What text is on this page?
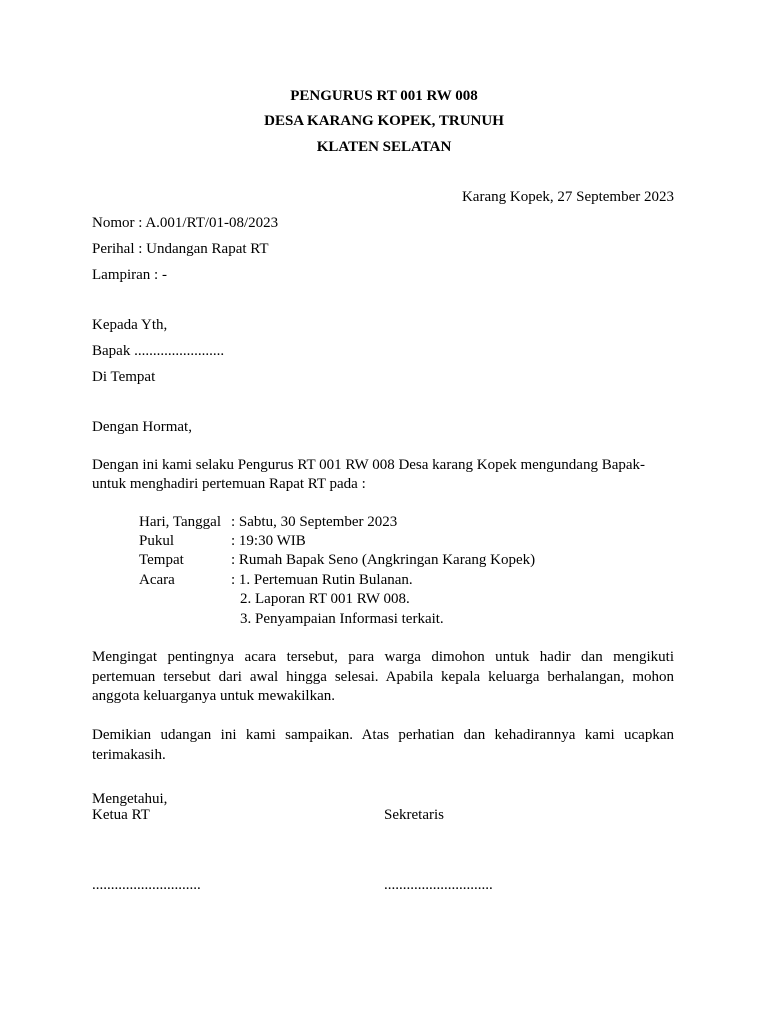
PENGURUS RT 001 RW 008
DESA KARANG KOPEK, TRUNUH
KLATEN SELATAN
Karang Kopek, 27 September 2023
Nomor : A.001/RT/01-08/2023
Perihal : Undangan Rapat RT
Lampiran : -
Kepada Yth,
Bapak ........................
Di Tempat
Dengan Hormat,
Dengan ini kami selaku Pengurus RT 001 RW 008 Desa karang Kopek mengundang Bapak-
untuk menghadiri pertemuan Rapat RT pada :
Hari, Tanggal : Sabtu, 30 September 2023
Pukul	: 19:30 WIB
Tempat	: Rumah Bapak Seno (Angkringan Karang Kopek)
Acara	: 1. Pertemuan Rutin Bulanan.
2. Laporan RT 001 RW 008.
3. Penyampaian Informasi terkait.
Mengingat pentingnya acara tersebut, para warga dimohon untuk hadir dan mengikuti pertemuan tersebut dari awal hingga selesai. Apabila kepala keluarga berhalangan, mohon anggota keluarganya untuk mewakilkan.
Demikian udangan ini kami sampaikan. Atas perhatian dan kehadirannya kami ucapkan terimakasih.
Mengetahui,
Ketua RT	Sekretaris
.............................	.............................
